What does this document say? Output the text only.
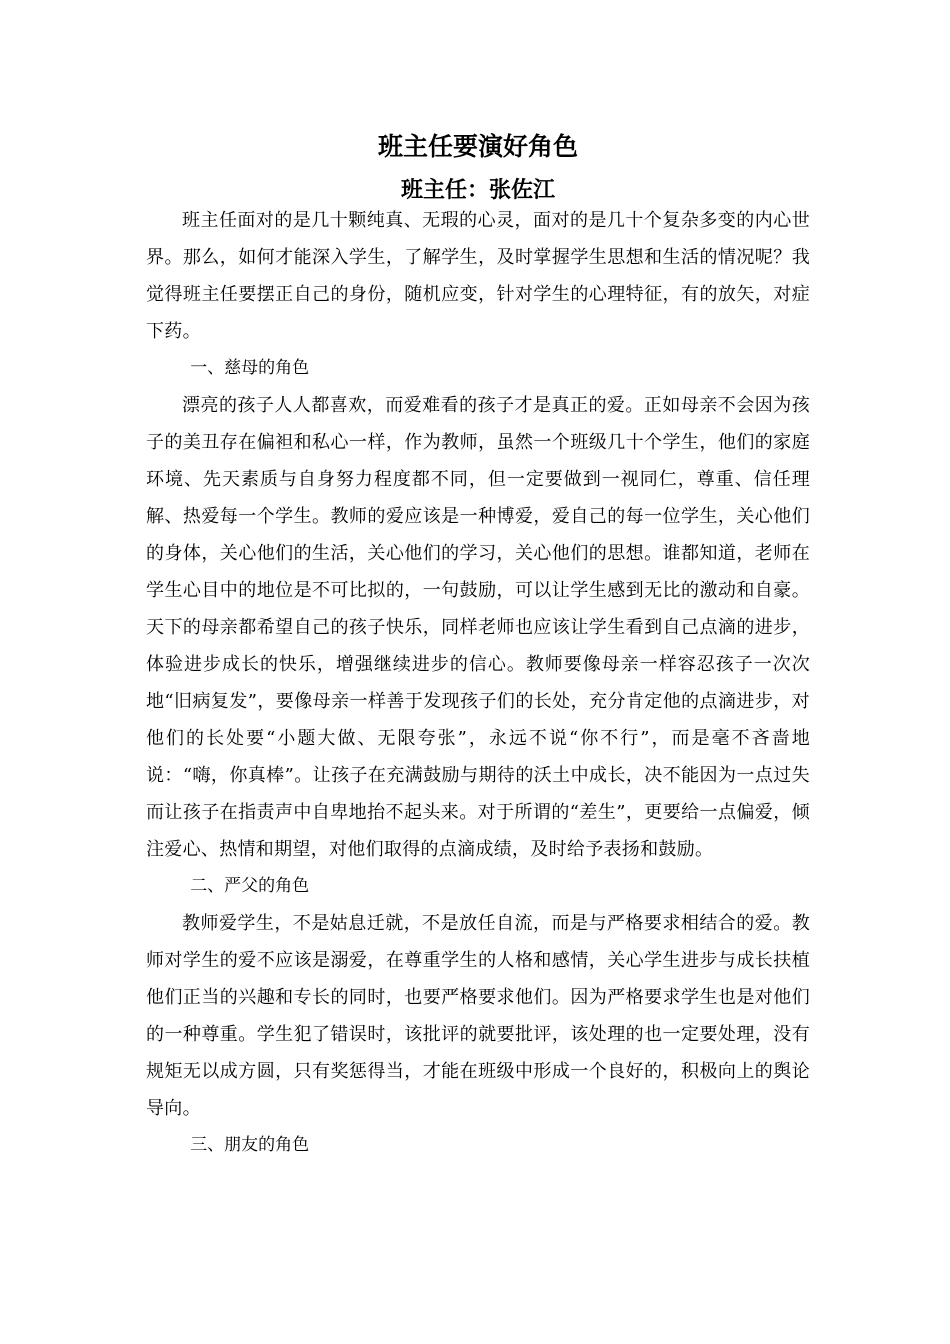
班主任要演好角色
班主任：张佐江

班主任面对的是几十颗纯真、无瑕的心灵，面对的是几十个复杂多变的内心世界。那么，如何才能深入学生，了解学生，及时掌握学生思想和生活的情况呢？我觉得班主任要摆正自己的身份，随机应变，针对学生的心理特征，有的放矢，对症下药。

一、慈母的角色

漂亮的孩子人人都喜欢，而爱难看的孩子才是真正的爱。正如母亲不会因为孩子的美丑存在偏袒和私心一样，作为教师，虽然一个班级几十个学生，他们的家庭环境、先天素质与自身努力程度都不同，但一定要做到一视同仁，尊重、信任理解、热爱每一个学生。教师的爱应该是一种博爱，爱自己的每一位学生，关心他们的身体，关心他们的生活，关心他们的学习，关心他们的思想。谁都知道，老师在学生心目中的地位是不可比拟的，一句鼓励，可以让学生感到无比的激动和自豪。天下的母亲都希望自己的孩子快乐，同样老师也应该让学生看到自己点滴的进步，体验进步成长的快乐，增强继续进步的信心。教师要像母亲一样容忍孩子一次次地“旧病复发”，要像母亲一样善于发现孩子们的长处，充分肯定他的点滴进步，对他们的长处要“小题大做、无限夸张”，永远不说“你不行”，而是毫不吝啬地说：“嗨，你真棒”。让孩子在充满鼓励与期待的沃土中成长，决不能因为一点过失而让孩子在指责声中自卑地抬不起头来。对于所谓的“差生”，更要给一点偏爱，倾注爱心、热情和期望，对他们取得的点滴成绩，及时给予表扬和鼓励。

二、严父的角色

教师爱学生，不是姑息迁就，不是放任自流，而是与严格要求相结合的爱。教师对学生的爱不应该是溺爱，在尊重学生的人格和感情，关心学生进步与成长扶植他们正当的兴趣和专长的同时，也要严格要求他们。因为严格要求学生也是对他们的一种尊重。学生犯了错误时，该批评的就要批评，该处理的也一定要处理，没有规矩无以成方圆，只有奖惩得当，才能在班级中形成一个良好的，积极向上的舆论导向。

三、朋友的角色
